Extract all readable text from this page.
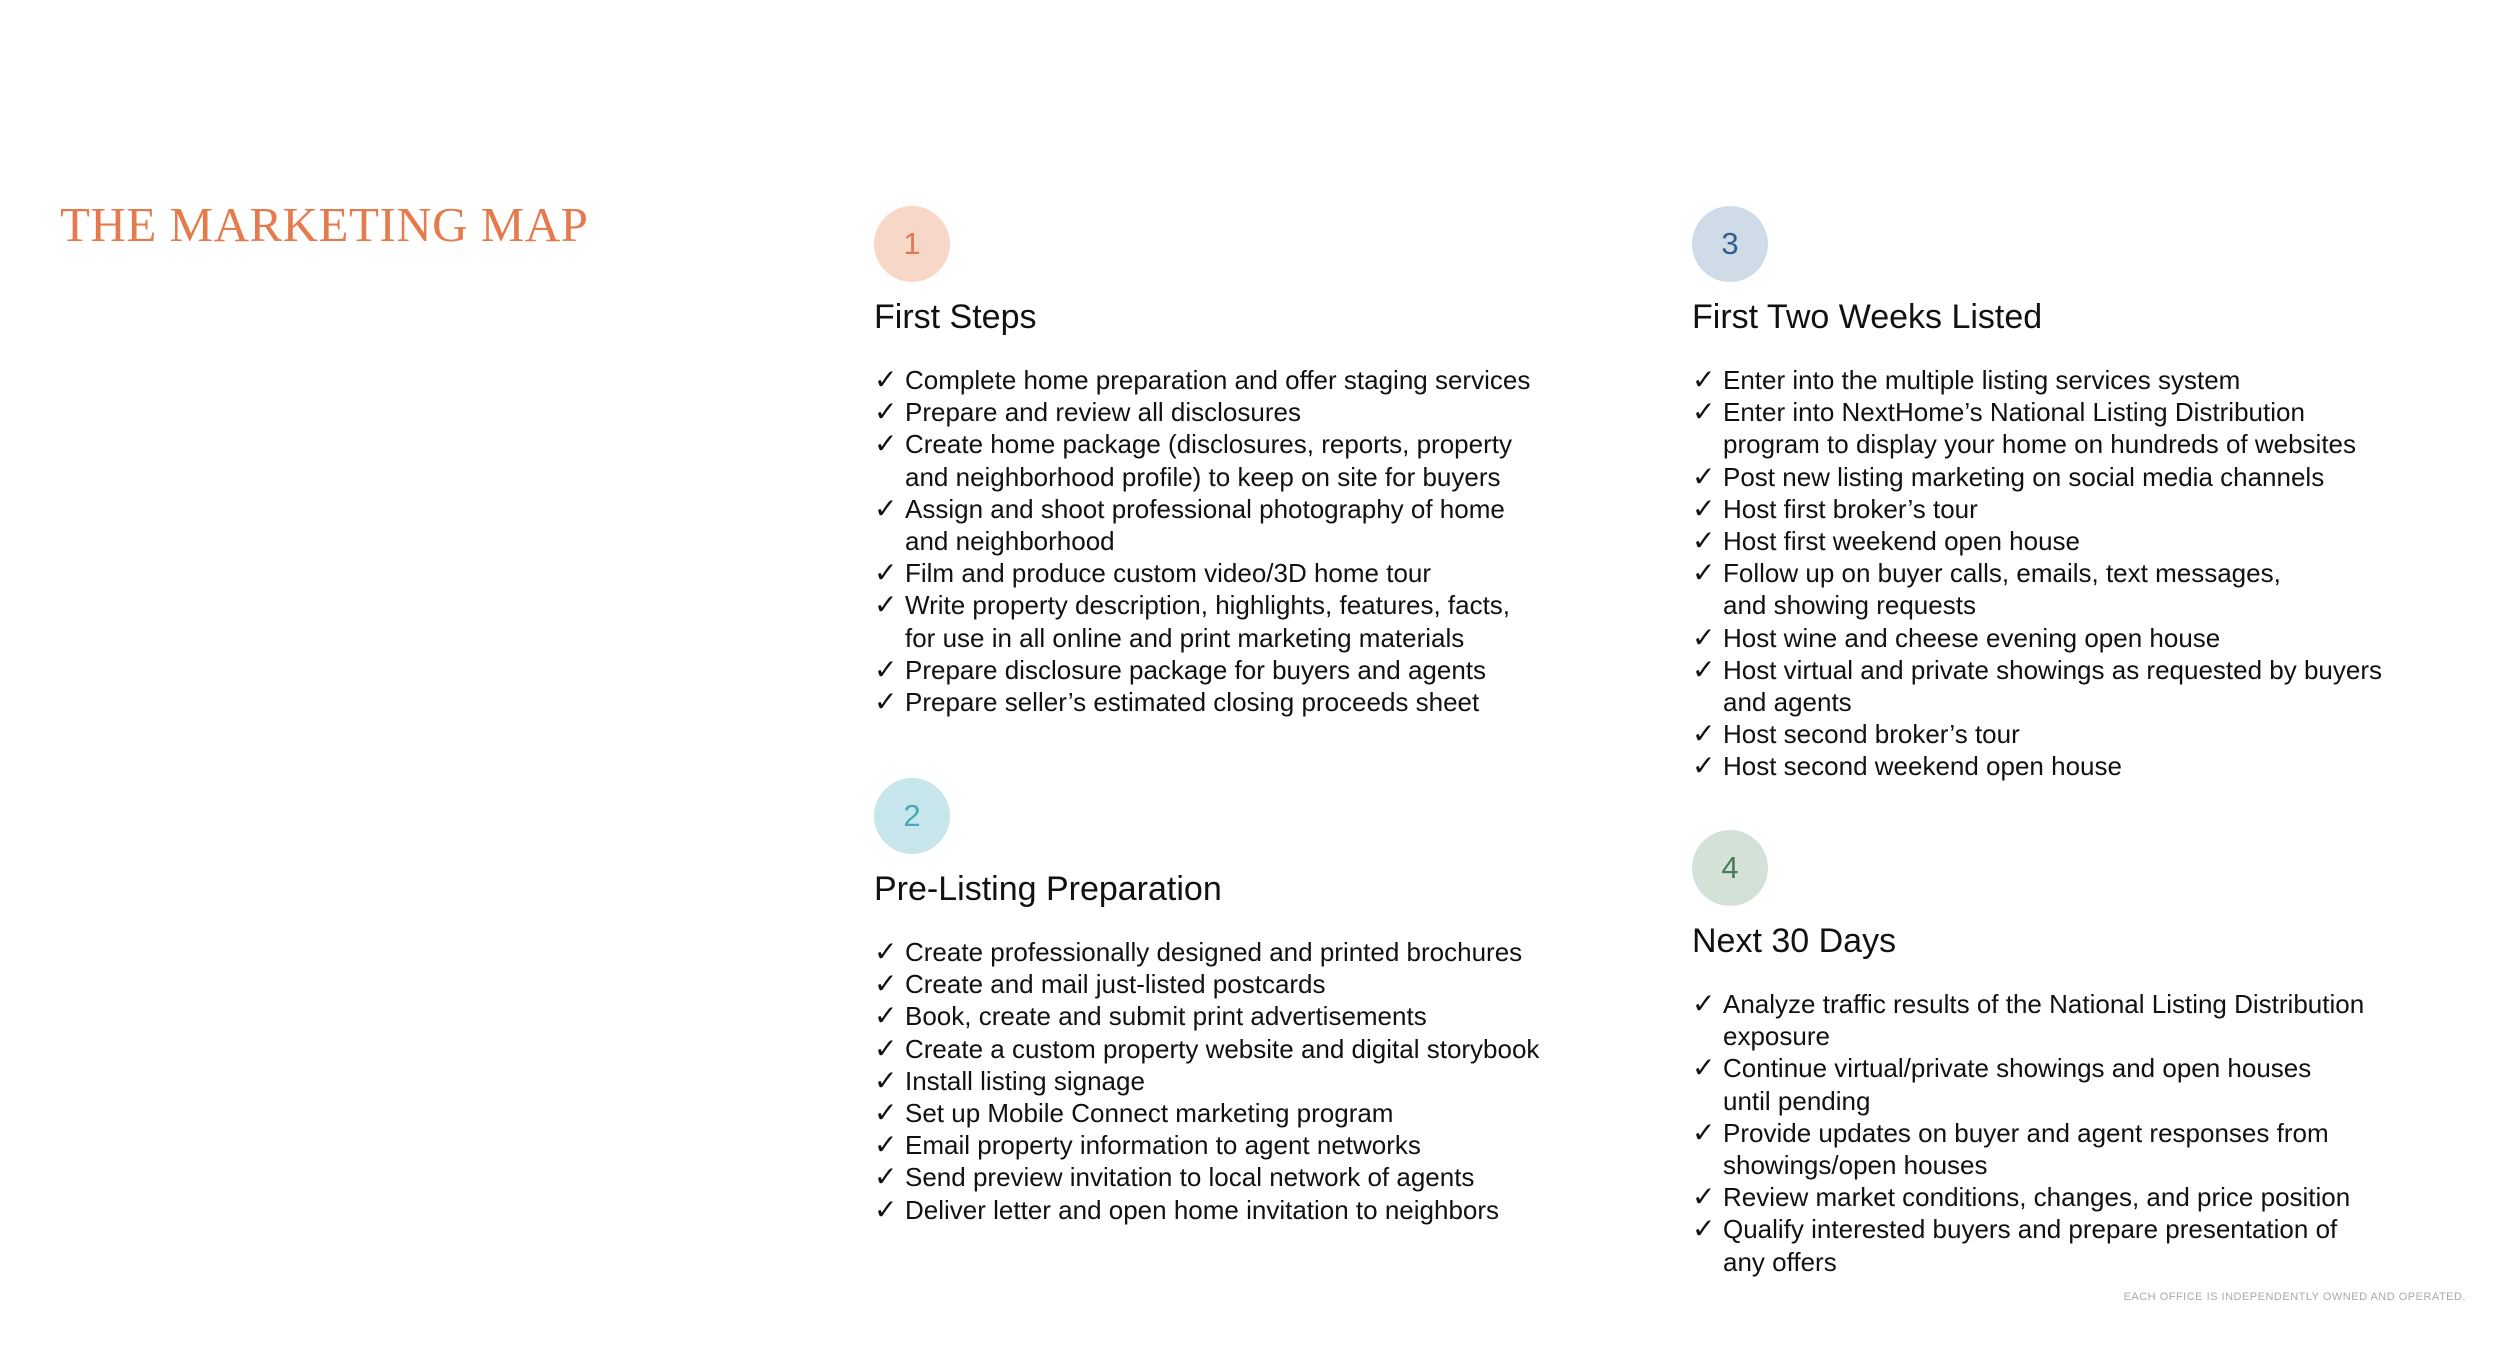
THE MARKETING MAP	1
First Steps
✓ Complete home preparation and offer staging services
✓ Prepare and review all disclosures
✓ Create home package (disclosures, reports, property
and neighborhood profile) to keep on site for buyers
✓ Assign and shoot professional photography of home
and neighborhood
✓ Film and produce custom video/3D home tour
✓ Write property description, highlights, features, facts,
for use in all online and print marketing materials
✓ Prepare disclosure package for buyers and agents
✓ Prepare seller’s estimated closing proceeds sheet
2
Pre-Listing Preparation
✓ Create professionally designed and printed brochures
✓ Create and mail just-listed postcards
✓ Book, create and submit print advertisements
✓ Create a custom property website and digital storybook
✓ Install listing signage
✓ Set up Mobile Connect marketing program
✓ Email property information to agent networks
✓ Send preview invitation to local network of agents
✓ Deliver letter and open home invitation to neighbors
3
First Two Weeks Listed
✓ Enter into the multiple listing services system
✓ Enter into NextHome’s National Listing Distribution
program to display your home on hundreds of websites
✓ Post new listing marketing on social media channels
✓ Host first broker’s tour
✓ Host first weekend open house
✓ Follow up on buyer calls, emails, text messages,
and showing requests
✓ Host wine and cheese evening open house
✓ Host virtual and private showings as requested by buyers
and agents
✓ Host second broker’s tour
✓ Host second weekend open house
4
Next 30 Days
✓ Analyze traffic results of the National Listing Distribution
exposure
✓ Continue virtual/private showings and open houses
until pending
✓ Provide updates on buyer and agent responses from
showings/open houses
✓ Review market conditions, changes, and price position
✓ Qualify interested buyers and prepare presentation of
any offers
EACH OFFICE IS INDEPENDENTLY OWNED AND OPERATED.
